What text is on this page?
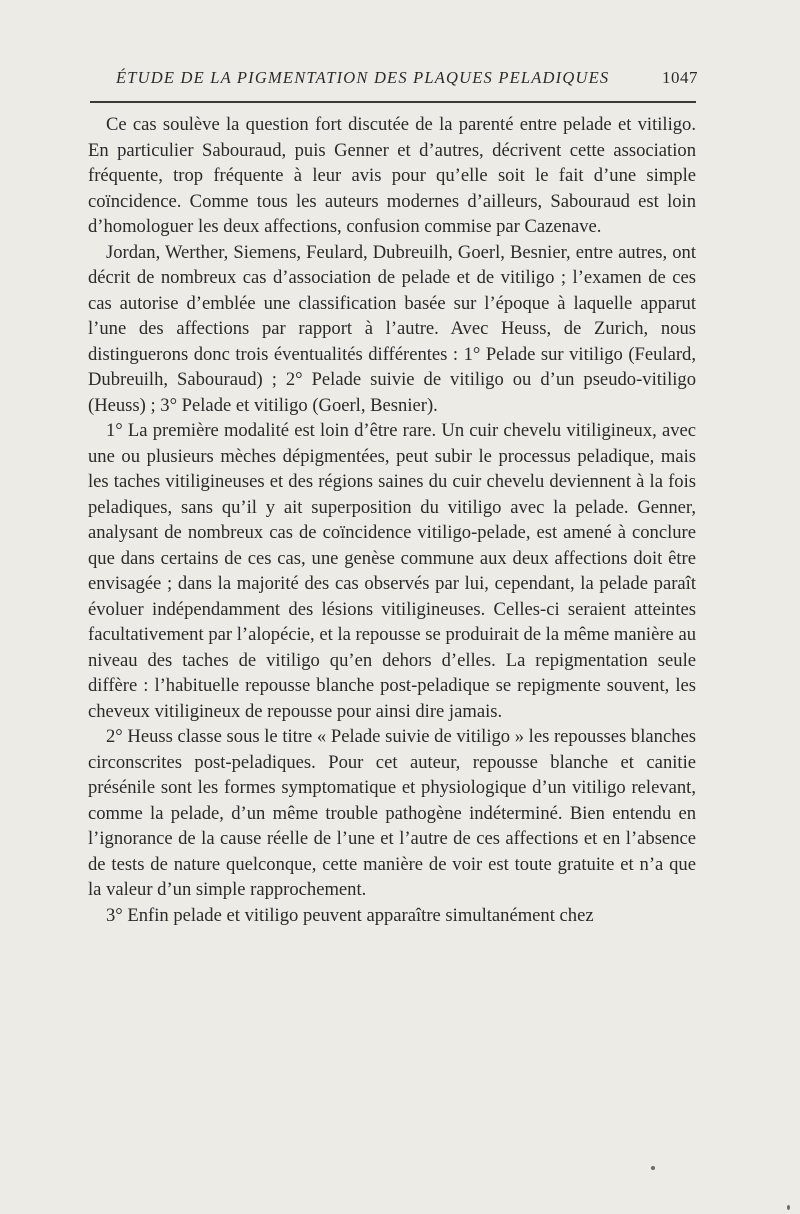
ÉTUDE DE LA PIGMENTATION DES PLAQUES PELADIQUES	1047

Ce cas soulève la question fort discutée de la parenté entre pelade et vitiligo. En particulier Sabouraud, puis Genner et d’autres, décrivent cette association fréquente, trop fréquente à leur avis pour qu’elle soit le fait d’une simple coïncidence. Comme tous les auteurs modernes d’ailleurs, Sabouraud est loin d’homologuer les deux affections, confusion commise par Cazenave.

Jordan, Werther, Siemens, Feulard, Dubreuilh, Goerl, Besnier, entre autres, ont décrit de nombreux cas d’association de pelade et de vitiligo ; l’examen de ces cas autorise d’emblée une classification basée sur l’époque à laquelle apparut l’une des affections par rapport à l’autre. Avec Heuss, de Zurich, nous distinguerons donc trois éventualités différentes : 1° Pelade sur vitiligo (Feulard, Dubreuilh, Sabouraud) ; 2° Pelade suivie de vitiligo ou d’un pseudo-vitiligo (Heuss) ; 3° Pelade et vitiligo (Goerl, Besnier).

1° La première modalité est loin d’être rare. Un cuir chevelu vitiligineux, avec une ou plusieurs mèches dépigmentées, peut subir le processus peladique, mais les taches vitiligineuses et des régions saines du cuir chevelu deviennent à la fois peladiques, sans qu’il y ait superposition du vitiligo avec la pelade. Genner, analysant de nombreux cas de coïncidence vitiligo-pelade, est amené à conclure que dans certains de ces cas, une genèse commune aux deux affections doit être envisagée ; dans la majorité des cas observés par lui, cependant, la pelade paraît évoluer indépendamment des lésions vitiligineuses. Celles-ci seraient atteintes facultativement par l’alopécie, et la repousse se produirait de la même manière au niveau des taches de vitiligo qu’en dehors d’elles. La repigmentation seule diffère : l’habituelle repousse blanche post-peladique se repigmente souvent, les cheveux vitiligineux de repousse pour ainsi dire jamais.

2° Heuss classe sous le titre « Pelade suivie de vitiligo » les repousses blanches circonscrites post-peladiques. Pour cet auteur, repousse blanche et canitie présénile sont les formes symptomatique et physiologique d’un vitiligo relevant, comme la pelade, d’un même trouble pathogène indéterminé. Bien entendu en l’ignorance de la cause réelle de l’une et l’autre de ces affections et en l’absence de tests de nature quelconque, cette manière de voir est toute gratuite et n’a que la valeur d’un simple rapprochement.

3° Enfin pelade et vitiligo peuvent apparaître simultanément chez
